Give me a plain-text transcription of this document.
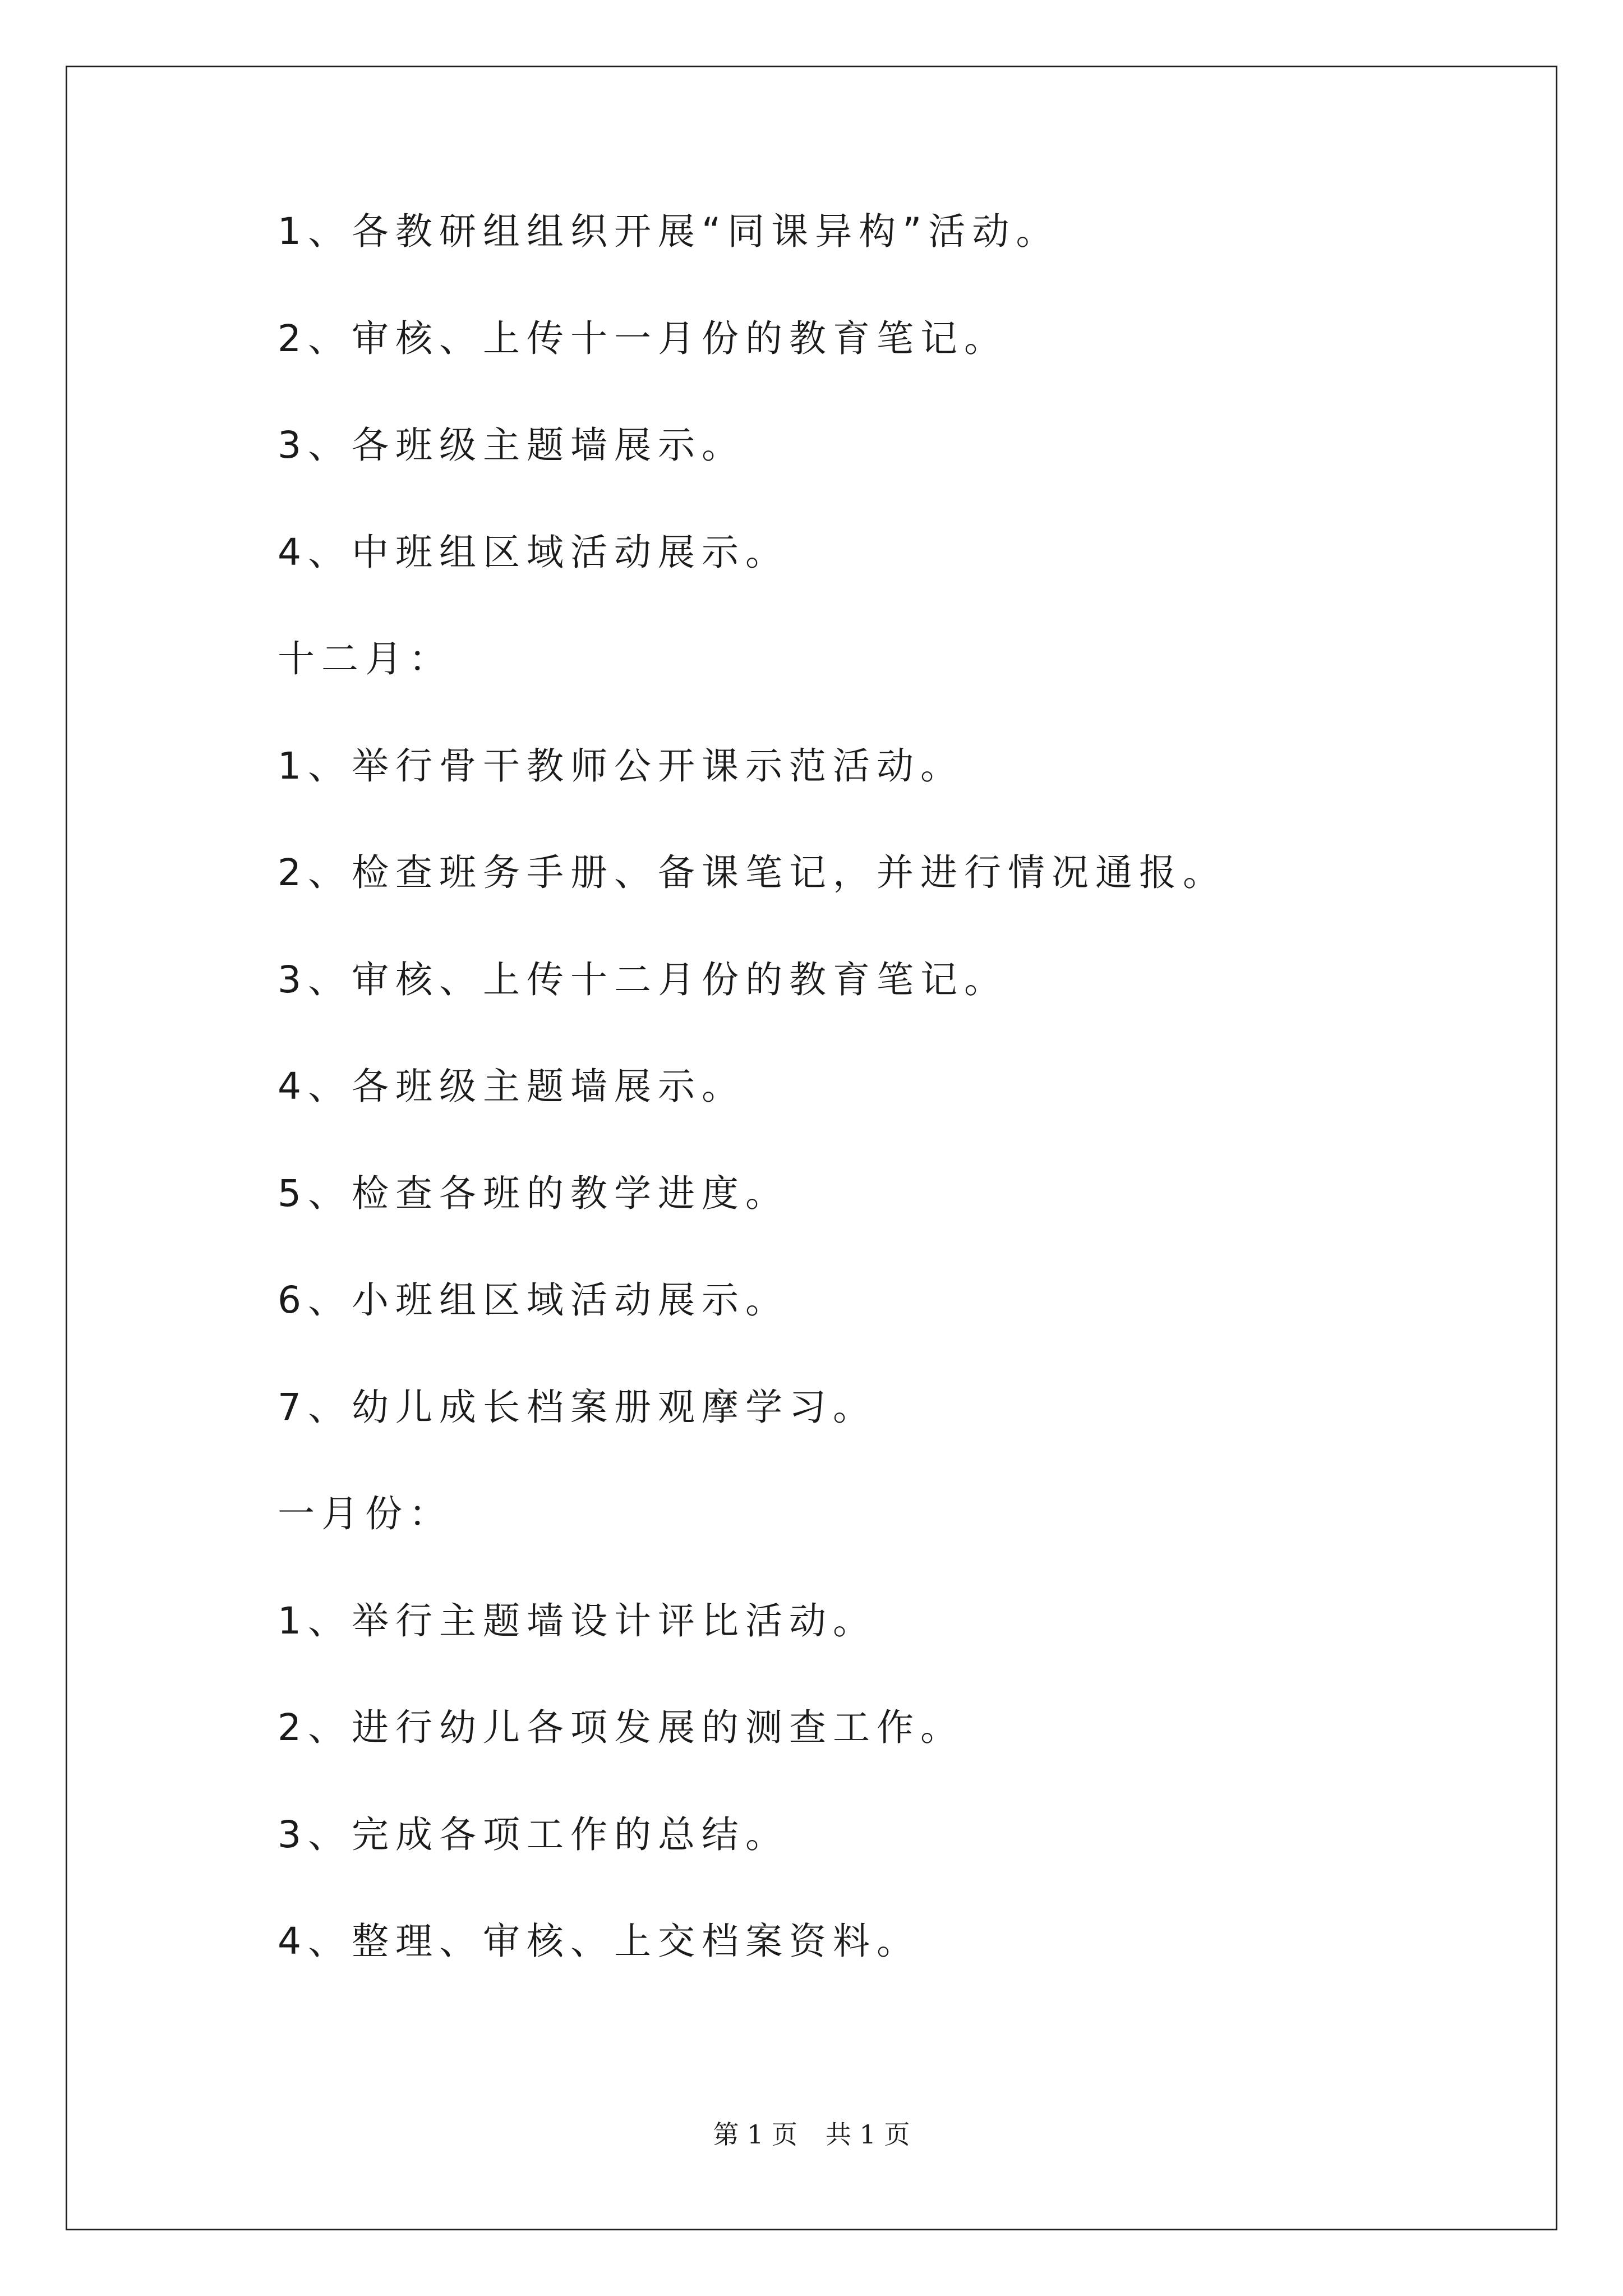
1、各教研组组织开展“同课异构”活动。
2、审核、上传十一月份的教育笔记。
3、各班级主题墙展示。
4、中班组区域活动展示。
十二月：
1、举行骨干教师公开课示范活动。
2、检查班务手册、备课笔记，并进行情况通报。
3、审核、上传十二月份的教育笔记。
4、各班级主题墙展示。
5、检查各班的教学进度。
6、小班组区域活动展示。
7、幼儿成长档案册观摩学习。
一月份：
1、举行主题墙设计评比活动。
2、进行幼儿各项发展的测查工作。
3、完成各项工作的总结。
4、整理、审核、上交档案资料。
第 1 页 共 1 页
